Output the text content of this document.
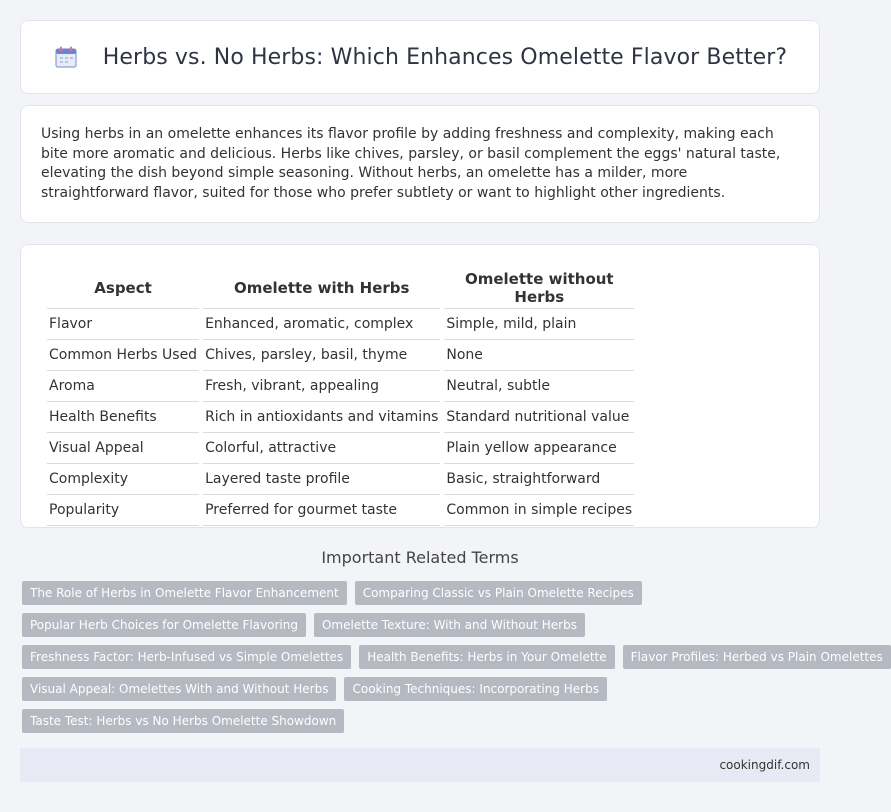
Herbs vs. No Herbs: Which Enhances Omelette Flavor Better?

Using herbs in an omelette enhances its flavor profile by adding freshness and complexity, making each bite more aromatic and delicious. Herbs like chives, parsley, or basil complement the eggs' natural taste, elevating the dish beyond simple seasoning. Without herbs, an omelette has a milder, more straightforward flavor, suited for those who prefer subtlety or want to highlight other ingredients.

Aspect	Omelette with Herbs	Omelette without Herbs
Flavor	Enhanced, aromatic, complex	Simple, mild, plain
Common Herbs Used	Chives, parsley, basil, thyme	None
Aroma	Fresh, vibrant, appealing	Neutral, subtle
Health Benefits	Rich in antioxidants and vitamins	Standard nutritional value
Visual Appeal	Colorful, attractive	Plain yellow appearance
Complexity	Layered taste profile	Basic, straightforward
Popularity	Preferred for gourmet taste	Common in simple recipes
Important Related Terms
The Role of Herbs in Omelette Flavor Enhancement	Comparing Classic vs Plain Omelette Recipes
Popular Herb Choices for Omelette Flavoring	Omelette Texture: With and Without Herbs
Freshness Factor: Herb-Infused vs Simple Omelettes	Health Benefits: Herbs in Your Omelette	Flavor Profiles: Herbed vs Plain Omelettes
Visual Appeal: Omelettes With and Without Herbs	Cooking Techniques: Incorporating Herbs
Taste Test: Herbs vs No Herbs Omelette Showdown
cookingdif.com
